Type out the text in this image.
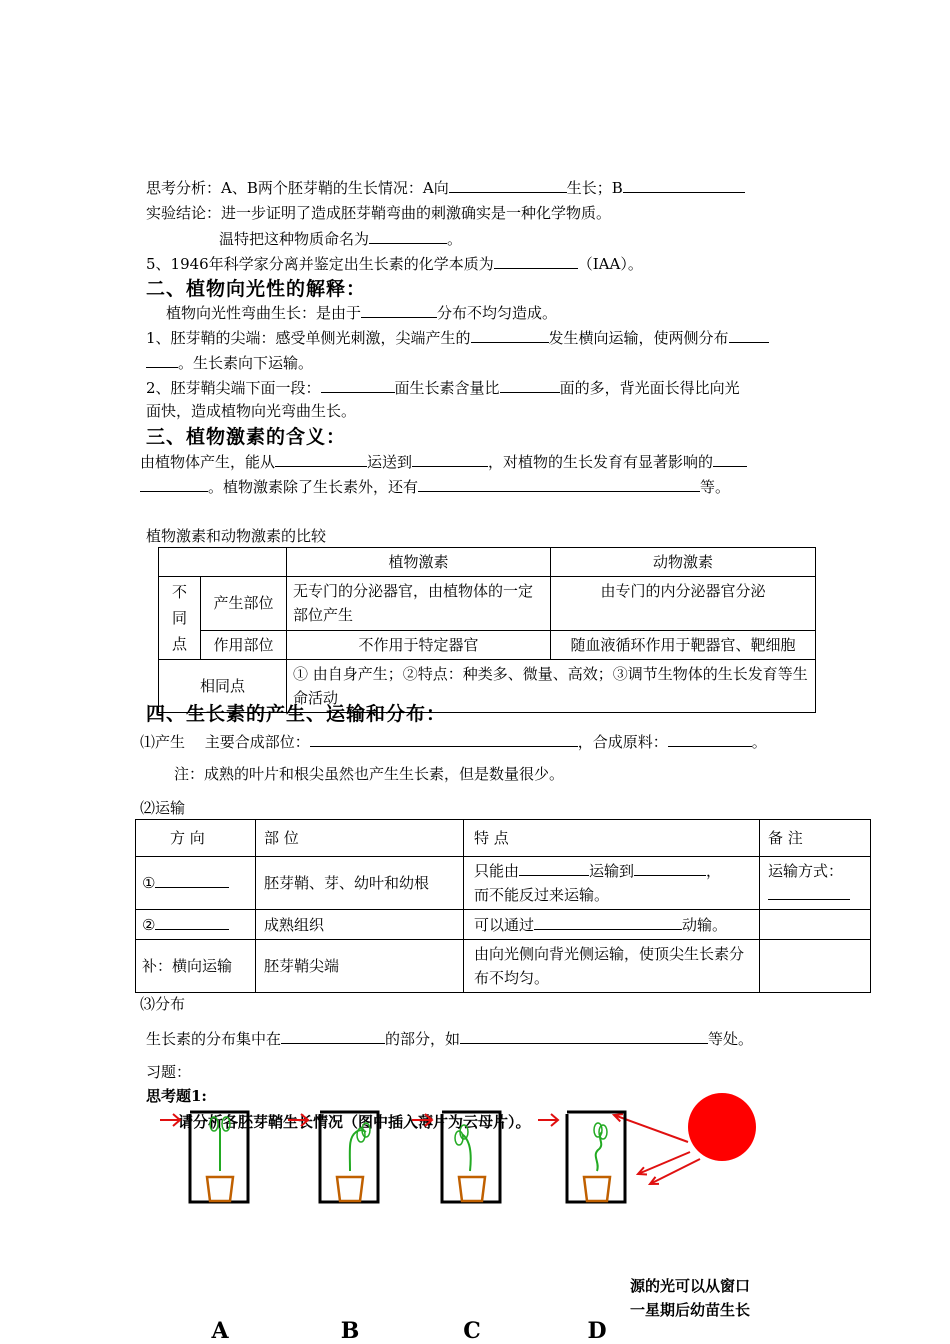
思考分析：A、B两个胚芽鞘的生长情况：A向	生长；B
实验结论：进一步证明了造成胚芽鞘弯曲的刺激确实是一种化学物质。
温特把这种物质命名为	。
5、1946年科学家分离并鉴定出生长素的化学本质为	（IAA）。
二、植物向光性的解释：
植物向光性弯曲生长：是由于	分布不均匀造成。
1、胚芽鞘的尖端：感受单侧光刺激，尖端产生的	发生横向运输，使两侧分布
。生长素向下运输。
2、胚芽鞘尖端下面一段：	面生长素含量比	面的多，背光面长得比向光
面快，造成植物向光弯曲生长。
三、植物激素的含义：
由植物体产生，能从	运送到	，对植物的生长发育有显著影响的
。植物激素除了生长素外，还有	等。
植物激素和动物激素的比较
		植物激素	动物激素
不同点	产生部位	无专门的分泌器官，由植物体的一定部位产生	由专门的内分泌器官分泌
	作用部位	不作用于特定器官	随血液循环作用于靶器官、靶细胞
相同点		① 由自身产生；②特点：种类多、微量、高效；③调节生物体的生长发育等生命活动	
四、生长素的产生、运输和分布：
⑴产生　 主要合成部位：	，合成原料：	。
注：成熟的叶片和根尖虽然也产生生长素，但是数量很少。
⑵运输
方 向	部 位	特 点	备 注
①	胚芽鞘、芽、幼叶和幼根	只能由 运输到 ，
而不能反过来运输。	运输方式：

②	成熟组织	可以通过 动输。	
补：横向运输	胚芽鞘尖端	由向光侧向背光侧运输，使顶尖生长素分布不均匀。	
⑶分布
生长素的分布集中在	的部分，如	等处。
习题：
思考题1:
请分析各胚芽鞘生长情况（图中插入薄片为云母片）。
A	B	C	D
源的光可以从窗口
一星期后幼苗生长
